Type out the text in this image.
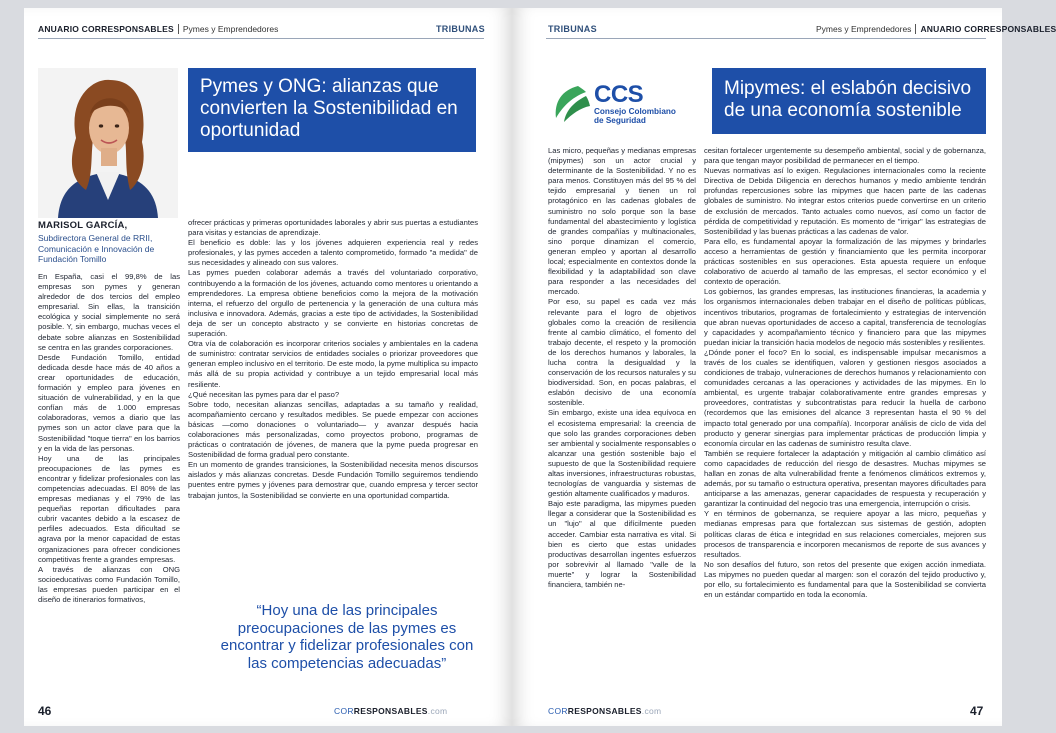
ANUARIO CORRESPONSABLES Pymes y Emprendedores	TRIBUNAS
Pymes y ONG: alianzas que convierten la Sostenibilidad en oportunidad
MARISOL GARCÍA,
Subdirectora General de RRII, Comunicación e Innovación de Fundación Tomillo

En España, casi el 99,8% de las empresas son pymes y generan alrededor de dos tercios del empleo empresarial. Sin ellas, la transición ecológica y social simplemente no será posible. Y, sin embargo, muchas veces el debate sobre alianzas en Sostenibilidad se centra en las grandes corporaciones.

Desde Fundación Tomillo, entidad dedicada desde hace más de 40 años a crear oportunidades de educación, formación y empleo para jóvenes en situación de vulnerabilidad, y en la que confían más de 1.000 empresas colaboradoras, vemos a diario que las pymes son un actor clave para que la Sostenibilidad "toque tierra" en los barrios y en la vida de las personas.

Hoy una de las principales preocupaciones de las pymes es encontrar y fidelizar profesionales con las competencias adecuadas. El 80% de las empresas medianas y el 79% de las pequeñas reportan dificultades para cubrir vacantes debido a la escasez de perfiles adecuados. Esta dificultad se agrava por la menor capacidad de estas organizaciones para ofrecer condiciones competitivas frente a grandes empresas.

A través de alianzas con ONG socioeducativas como Fundación Tomillo, las empresas pueden participar en el diseño de itinerarios formativos,

ofrecer prácticas y primeras oportunidades laborales y abrir sus puertas a estudiantes para visitas y estancias de aprendizaje.

El beneficio es doble: las y los jóvenes adquieren experiencia real y redes profesionales, y las pymes acceden a talento comprometido, formado "a medida" de sus necesidades y alineado con sus valores.

Las pymes pueden colaborar además a través del voluntariado corporativo, contribuyendo a la formación de los jóvenes, actuando como mentores u orientando a emprendedores. La empresa obtiene beneficios como la mejora de la motivación interna, el refuerzo del orgullo de pertenencia y la generación de una cultura más inclusiva e innovadora. Además, gracias a este tipo de actividades, la Sostenibilidad deja de ser un concepto abstracto y se convierte en historias concretas de superación.

Otra vía de colaboración es incorporar criterios sociales y ambientales en la cadena de suministro: contratar servicios de entidades sociales o priorizar proveedores que generan empleo inclusivo en el territorio. De este modo, la pyme multiplica su impacto más allá de su propia actividad y contribuye a un tejido empresarial local más resiliente.

¿Qué necesitan las pymes para dar el paso?

Sobre todo, necesitan alianzas sencillas, adaptadas a su tamaño y realidad, acompañamiento cercano y resultados medibles. Se puede empezar con acciones básicas —como donaciones o voluntariado— y avanzar después hacia colaboraciones más personalizadas, como proyectos probono, programas de prácticas o contratación de jóvenes, de manera que la pyme pueda progresar en Sostenibilidad de forma gradual pero constante.

En un momento de grandes transiciones, la Sostenibilidad necesita menos discursos aislados y más alianzas concretas. Desde Fundación Tomillo seguiremos tendiendo puentes entre pymes y jóvenes para demostrar que, cuando empresa y tercer sector trabajan juntos, la Sostenibilidad se convierte en una oportunidad compartida.

“Hoy una de las principales preocupaciones de las pymes es encontrar y fidelizar profesionales con las competencias adecuadas”
46	CORRESPONSABLES.com
TRIBUNAS	Pymes y Emprendedores ANUARIO CORRESPONSABLES
CCS
Consejo Colombiano
de Seguridad
Mipymes: el eslabón decisivo de una economía sostenible

Las micro, pequeñas y medianas empresas (mipymes) son un actor crucial y determinante de la Sostenibilidad. Y no es para menos. Constituyen más del 95 % del tejido empresarial y tienen un rol protagónico en las cadenas globales de suministro no solo porque son la base fundamental del abastecimiento y logística de grandes compañías y multinacionales, sino porque dinamizan el comercio, generan empleo y aportan al desarrollo local; especialmente en contextos donde la flexibilidad y la adaptabilidad son clave para responder a las necesidades del mercado.

Por eso, su papel es cada vez más relevante para el logro de objetivos globales como la creación de resiliencia frente al cambio climático, el fomento del trabajo decente, el respeto y la promoción de los derechos humanos y laborales, la lucha contra la desigualdad y la conservación de los recursos naturales y su biodiversidad. Son, en pocas palabras, el eslabón decisivo de una economía sostenible.

Sin embargo, existe una idea equívoca en el ecosistema empresarial: la creencia de que solo las grandes corporaciones deben ser ambiental y socialmente responsables o alcanzar una gestión sostenible bajo el supuesto de que la Sostenibilidad requiere altas inversiones, infraestructuras robustas, tecnologías de vanguardia y sistemas de gestión altamente cualificados y maduros.

Bajo este paradigma, las mipymes pueden llegar a considerar que la Sostenibilidad es un "lujo" al que difícilmente pueden acceder. Cambiar esta narrativa es vital. Si bien es cierto que estas unidades productivas desarrollan ingentes esfuerzos por sobrevivir al llamado "valle de la muerte" y lograr la Sostenibilidad financiera, también ne-

cesitan fortalecer urgentemente su desempeño ambiental, social y de gobernanza, para que tengan mayor posibilidad de permanecer en el tiempo.

Nuevas normativas así lo exigen. Regulaciones internacionales como la reciente Directiva de Debida Diligencia en derechos humanos y medio ambiente tendrán profundas repercusiones sobre las mipymes que hacen parte de las cadenas globales de suministro. No integrar estos criterios puede convertirse en un criterio de exclusión de mercados. Tanto actuales como nuevos, así como un factor de pérdida de competitividad y reputación. Es momento de "irrigar" las estrategias de Sostenibilidad y las buenas prácticas a las cadenas de valor.

Para ello, es fundamental apoyar la formalización de las mipymes y brindarles acceso a herramientas de gestión y financiamiento que les permita incorporar prácticas sostenibles en sus operaciones. Esta apuesta requiere un enfoque colaborativo de acuerdo al tamaño de las empresas, el sector económico y el contexto de operación.

Los gobiernos, las grandes empresas, las instituciones financieras, la academia y los organismos internacionales deben trabajar en el diseño de políticas públicas, incentivos tributarios, programas de fortalecimiento y estrategias de intervención que abran nuevas oportunidades de acceso a capital, transferencia de tecnologías y capacidades y acompañamiento técnico y financiero para que las mipymes puedan iniciar la transición hacia modelos de negocio más sostenibles y resilientes.

¿Dónde poner el foco? En lo social, es indispensable impulsar mecanismos a través de los cuales se identifiquen, valoren y gestionen riesgos asociados a condiciones de trabajo, vulneraciones de derechos humanos y relacionamiento con comunidades cercanas a las operaciones y actividades de las mipymes. En lo ambiental, es urgente trabajar colaborativamente entre grandes empresas y proveedores, contratistas y subcontratistas para reducir la huella de carbono (recordemos que las emisiones del alcance 3 representan hasta el 90 % del impacto total generado por una compañía). Incorporar análisis de ciclo de vida del producto y generar sinergias para implementar prácticas de producción limpia y economía circular en las cadenas de suministro resulta clave.

También se requiere fortalecer la adaptación y mitigación al cambio climático así como capacidades de reducción del riesgo de desastres. Muchas mipymes se hallan en zonas de alta vulnerabilidad frente a fenómenos climáticos extremos y, además, por su tamaño o estructura operativa, presentan mayores dificultades para anticiparse a las amenazas, generar capacidades de respuesta y recuperación y garantizar la continuidad del negocio tras una emergencia, interrupción o crisis.

Y en términos de gobernanza, se requiere apoyar a las micro, pequeñas y medianas empresas para que fortalezcan sus sistemas de gestión, adopten políticas claras de ética e integridad en sus relaciones comerciales, mejoren sus procesos de transparencia e incorporen mecanismos de reporte de sus avances y resultados.

No son desafíos del futuro, son retos del presente que exigen acción inmediata. Las mipymes no pueden quedar al margen: son el corazón del tejido productivo y, por ello, su fortalecimiento es fundamental para que la Sostenibilidad se convierta en un estándar compartido en toda la economía.

CORRESPONSABLES.com	47
